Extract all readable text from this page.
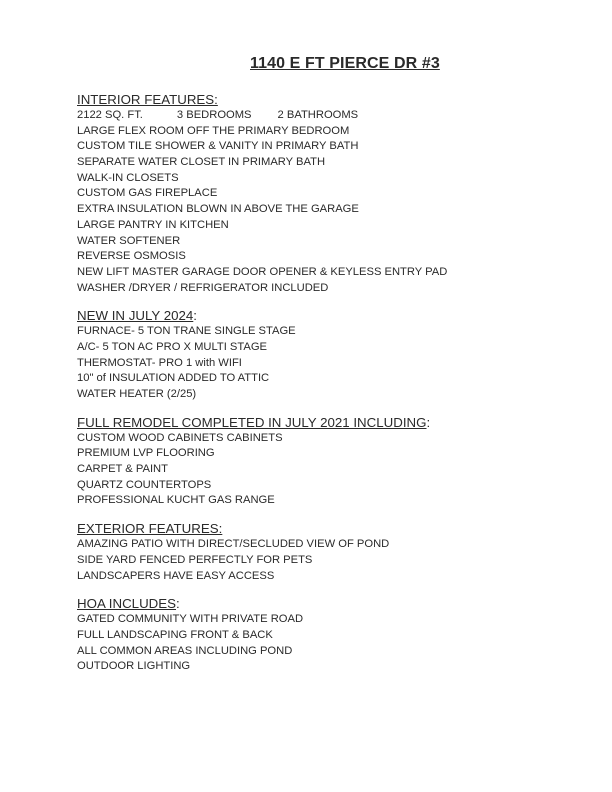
1140 E FT PIERCE DR #3
INTERIOR FEATURES:
2122 SQ. FT.	3 BEDROOMS 2 BATHROOMS
LARGE FLEX ROOM OFF THE PRIMARY BEDROOM
CUSTOM TILE SHOWER & VANITY IN PRIMARY BATH
SEPARATE WATER CLOSET IN PRIMARY BATH
WALK-IN CLOSETS
CUSTOM GAS FIREPLACE
EXTRA INSULATION BLOWN IN ABOVE THE GARAGE
LARGE PANTRY IN KITCHEN
WATER SOFTENER
REVERSE OSMOSIS
NEW LIFT MASTER GARAGE DOOR OPENER & KEYLESS ENTRY PAD
WASHER /DRYER / REFRIGERATOR INCLUDED
NEW IN JULY 2024:
FURNACE- 5 TON TRANE SINGLE STAGE
A/C- 5 TON AC PRO X MULTI STAGE
THERMOSTAT- PRO 1 with WIFI
10" of INSULATION ADDED TO ATTIC
WATER HEATER (2/25)
FULL REMODEL COMPLETED IN JULY 2021 INCLUDING:
CUSTOM WOOD CABINETS CABINETS
PREMIUM LVP FLOORING
CARPET & PAINT
QUARTZ COUNTERTOPS
PROFESSIONAL KUCHT GAS RANGE
EXTERIOR FEATURES:
AMAZING PATIO WITH DIRECT/SECLUDED VIEW OF POND
SIDE YARD FENCED PERFECTLY FOR PETS
LANDSCAPERS HAVE EASY ACCESS
HOA INCLUDES:
GATED COMMUNITY WITH PRIVATE ROAD
FULL LANDSCAPING FRONT & BACK
ALL COMMON AREAS INCLUDING POND
OUTDOOR LIGHTING
